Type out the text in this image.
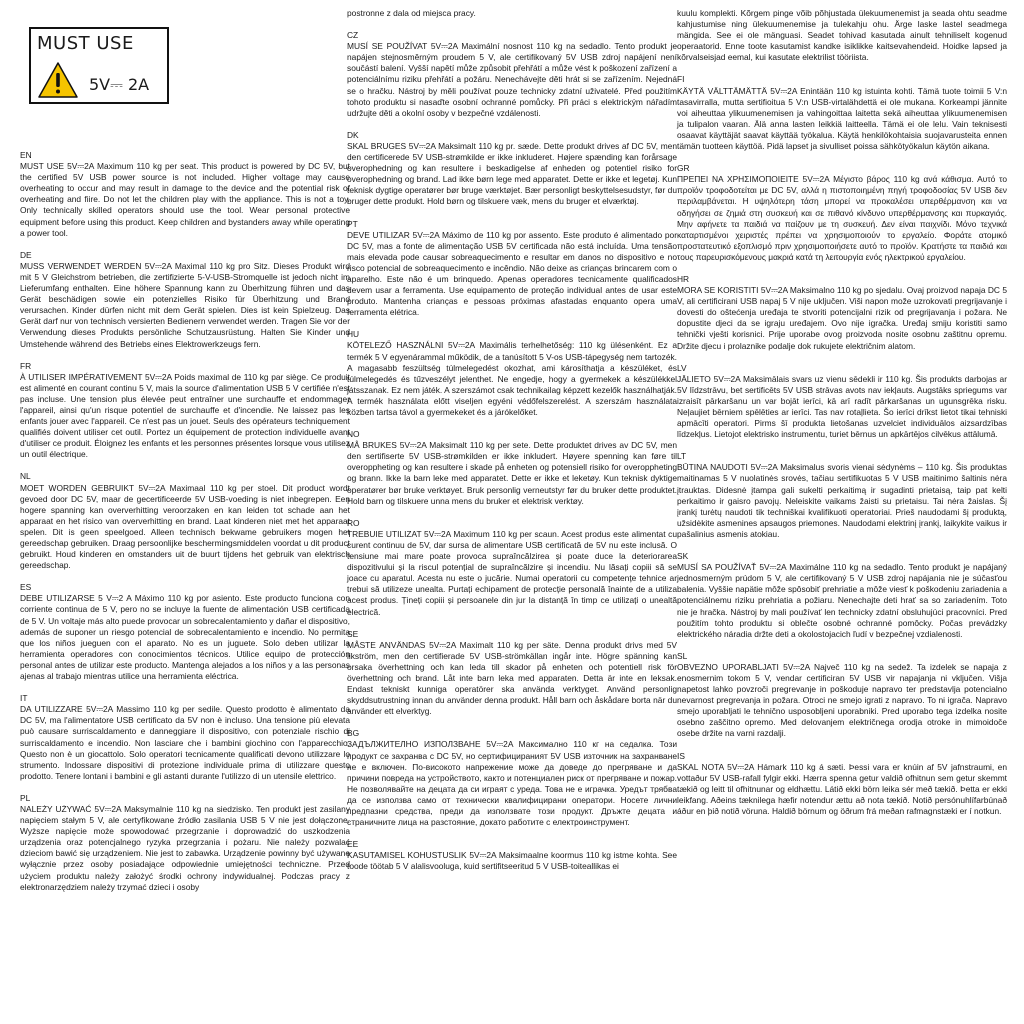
MUST USE
5V⎓ 2A
EN
MUST USE 5V⎓2A Maximum 110 kg per seat. This product is powered by DC 5V, but the certified 5V USB power source is not included. Higher voltage may cause overheating to occur and may result in damage to the device and the potential risk of overheating and fiire. Do not let the children play with the appliance. This is not a toy. Only technically skilled operators should use the tool. Wear personal protective equipment before using this product. Keep children and bystanders away while operating a power tool.
DE
MUSS VERWENDET WERDEN 5V⎓2A Maximal 110 kg pro Sitz. Dieses Produkt wird mit 5 V Gleichstrom betrieben, die zertifizierte 5-V-USB-Stromquelle ist jedoch nicht im Lieferumfang enthalten. Eine höhere Spannung kann zu Überhitzung führen und das Gerät beschädigen sowie ein potenzielles Risiko für Überhitzung und Brand verursachen. Kinder dürfen nicht mit dem Gerät spielen. Dies ist kein Spielzeug. Das Gerät darf nur von technisch versierten Bedienern verwendet werden. Tragen Sie vor der Verwendung dieses Produkts persönliche Schutzausrüstung. Halten Sie Kinder und Umstehende während des Betriebs eines Elektrowerkzeugs fern.
FR
À UTILISER IMPÉRATIVEMENT 5V⎓2A Poids maximal de 110 kg par siège. Ce produit est alimenté en courant continu 5 V, mais la source d'alimentation USB 5 V certifiée n'est pas incluse. Une tension plus élevée peut entraîner une surchauffe et endommager l'appareil, ainsi qu'un risque potentiel de surchauffe et d'incendie. Ne laissez pas les enfants jouer avec l'appareil. Ce n'est pas un jouet. Seuls des opérateurs techniquement qualifiés doivent utiliser cet outil. Portez un équipement de protection individuelle avant d'utiliser ce produit. Éloignez les enfants et les personnes présentes lorsque vous utilisez un outil électrique.
NL
MOET WORDEN GEBRUIKT 5V⎓2A Maximaal 110 kg per stoel. Dit product wordt gevoed door DC 5V, maar de gecertificeerde 5V USB-voeding is niet inbegrepen. Een hogere spanning kan oververhitting veroorzaken en kan leiden tot schade aan het apparaat en het risico van oververhitting en brand. Laat kinderen niet met het apparaat spelen. Dit is geen speelgoed. Alleen technisch bekwame gebruikers mogen het gereedschap gebruiken. Draag persoonlijke beschermingsmiddelen voordat u dit product gebruikt. Houd kinderen en omstanders uit de buurt tijdens het gebruik van elektrisch gereedschap.
ES
DEBE UTILIZARSE 5 V⎓2 A Máximo 110 kg por asiento. Este producto funciona con corriente continua de 5 V, pero no se incluye la fuente de alimentación USB certificada de 5 V. Un voltaje más alto puede provocar un sobrecalentamiento y dañar el dispositivo, además de suponer un riesgo potencial de sobrecalentamiento e incendio. No permita que los niños jueguen con el aparato. No es un juguete. Solo deben utilizar la herramienta operadores con conocimientos técnicos. Utilice equipo de protección personal antes de utilizar este producto. Mantenga alejados a los niños y a las personas ajenas al trabajo mientras utilice una herramienta eléctrica.
IT
DA UTILIZZARE 5V⎓2A Massimo 110 kg per sedile. Questo prodotto è alimentato da DC 5V, ma l'alimentatore USB certificato da 5V non è incluso. Una tensione più elevata può causare surriscaldamento e danneggiare il dispositivo, con potenziale rischio di surriscaldamento e incendio. Non lasciare che i bambini giochino con l'apparecchio. Questo non è un giocattolo. Solo operatori tecnicamente qualificati devono utilizzare lo strumento. Indossare dispositivi di protezione individuale prima di utilizzare questo prodotto. Tenere lontani i bambini e gli astanti durante l'utilizzo di un utensile elettrico.
PL
NALEŻY UŻYWAĆ 5V⎓2A Maksymalnie 110 kg na siedzisko. Ten produkt jest zasilany napięciem stałym 5 V, ale certyfikowane źródło zasilania USB 5 V nie jest dołączone. Wyższe napięcie może spowodować przegrzanie i doprowadzić do uszkodzenia urządzenia oraz potencjalnego ryzyka przegrzania i pożaru. Nie należy pozwalać dzieciom bawić się urządzeniem. Nie jest to zabawka. Urządzenie powinny być używane wyłącznie przez osoby posiadające odpowiednie umiejętności techniczne. Przed użyciem produktu należy założyć środki ochrony indywidualnej. Podczas pracy z elektronarzędziem należy trzymać dzieci i osoby
postronne z dala od miejsca pracy.
CZ
MUSÍ SE POUŽÍVAT 5V⎓2A Maximální nosnost 110 kg na sedadlo. Tento produkt je napájen stejnosměrným proudem 5 V, ale certifikovaný 5V USB zdroj napájení není součástí balení. Vyšší napětí může způsobit přehřátí a může vést k poškození zařízení a potenciálnímu riziku přehřátí a požáru. Nenechávejte děti hrát si se zařízením. Nejedná se o hračku. Nástroj by měli používat pouze technicky zdatní uživatelé. Před použitím tohoto produktu si nasaďte osobní ochranné pomůcky. Při práci s elektrickým nářadím udržujte děti a okolní osoby v bezpečné vzdálenosti.
DK
SKAL BRUGES 5V⎓2A Maksimalt 110 kg pr. sæde. Dette produkt drives af DC 5V, men den certificerede 5V USB-strømkilde er ikke inkluderet. Højere spænding kan forårsage overophedning og kan resultere i beskadigelse af enheden og potentiel risiko for overophedning og brand. Lad ikke børn lege med apparatet. Dette er ikke et legetøj. Kun teknisk dygtige operatører bør bruge værktøjet. Bær personligt beskyttelsesudstyr, før du bruger dette produkt. Hold børn og tilskuere væk, mens du bruger et elværktøj.
PT
DEVE UTILIZAR 5V⎓2A Máximo de 110 kg por assento. Este produto é alimentado por DC 5V, mas a fonte de alimentação USB 5V certificada não está incluída. Uma tensão mais elevada pode causar sobreaquecimento e resultar em danos no dispositivo e no risco potencial de sobreaquecimento e incêndio. Não deixe as crianças brincarem com o aparelho. Este não é um brinquedo. Apenas operadores tecnicamente qualificados devem usar a ferramenta. Use equipamento de proteção individual antes de usar este produto. Mantenha crianças e pessoas próximas afastadas enquanto opera uma ferramenta elétrica.
HU
KÖTELEZŐ HASZNÁLNI 5V⎓2A Maximális terhelhetőség: 110 kg ülésenként. Ez a termék 5 V egyenárammal működik, de a tanúsított 5 V-os USB-tápegység nem tartozék. A magasabb feszültség túlmelegedést okozhat, ami károsíthatja a készüléket, és túlmelegedés és tűzveszélyt jelenthet. Ne engedje, hogy a gyermekek a készülékkel játsszanak. Ez nem játék. A szerszámot csak technikailag képzett kezelők használhatják. A termék használata előtt viseljen egyéni védőfelszerelést. A szerszám használata közben tartsa távol a gyermekeket és a járókelőket.
NO
MÅ BRUKES 5V⎓2A Maksimalt 110 kg per sete. Dette produktet drives av DC 5V, men den sertifiserte 5V USB-strømkilden er ikke inkludert. Høyere spenning kan føre til overoppheting og kan resultere i skade på enheten og potensiell risiko for overoppheting og brann. Ikke la barn leke med apparatet. Dette er ikke et leketøy. Kun teknisk dyktige operatører bør bruke verktøyet. Bruk personlig verneutstyr før du bruker dette produktet. Hold barn og tilskuere unna mens du bruker et elektrisk verktøy.
RO
TREBUIE UTILIZAT 5V⎓2A Maximum 110 kg per scaun. Acest produs este alimentat cu curent continuu de 5V, dar sursa de alimentare USB certificată de 5V nu este inclusă. O tensiune mai mare poate provoca supraîncălzirea și poate duce la deteriorarea dispozitivului și la riscul potențial de supraîncălzire și incendiu. Nu lăsați copiii să se joace cu aparatul. Acesta nu este o jucărie. Numai operatorii cu competențe tehnice ar trebui să utilizeze unealta. Purtați echipament de protecție personală înainte de a utiliza acest produs. Țineți copiii și persoanele din jur la distanță în timp ce utilizați o unealtă electrică.
SE
MÅSTE ANVÄNDAS 5V⎓2A Maximalt 110 kg per säte. Denna produkt drivs med 5V likström, men den certifierade 5V USB-strömkällan ingår inte. Högre spänning kan orsaka överhettning och kan leda till skador på enheten och potentiell risk för överhettning och brand. Låt inte barn leka med apparaten. Detta är inte en leksak. Endast tekniskt kunniga operatörer ska använda verktyget. Använd personlig skyddsutrustning innan du använder denna produkt. Håll barn och åskådare borta när du använder ett elverktyg.
BG
ЗАДЪЛЖИТЕЛНО ИЗПОЛЗВАНЕ 5V⎓2A Максимално 110 кг на седалка. Този продукт се захранва с DC 5V, но сертифицираният 5V USB източник на захранване не е включен. По-високото напрежение може да доведе до прегряване и да причини повреда на устройството, както и потенциален риск от прегряване и пожар. Не позволявайте на децата да си играят с уреда. Това не е играчка. Уредът трябва да се използва само от технически квалифицирани оператори. Носете лични предпазни средства, преди да използвате този продукт. Дръжте децата и страничните лица на разстояние, докато работите с електроинструмент.
EE
KASUTAMISEL KOHUSTUSLIK 5V⎓2A Maksimaalne koormus 110 kg istme kohta. See toode töötab 5 V alalisvooluga, kuid sertifitseeritud 5 V USB-toiteallikas ei
kuulu komplekti. Kõrgem pinge võib põhjustada ülekuumenemist ja seada ohtu seadme kahjustumise ning ülekuumenemise ja tulekahju ohu. Ärge laske lastel seadmega mängida. See ei ole mänguasi. Seadet tohivad kasutada ainult tehniliselt kogenud operaatorid. Enne toote kasutamist kandke isiklikke kaitsevahendeid. Hoidke lapsed ja kõrvalseisjad eemal, kui kasutate elektrilist tööriista.
FI
KÄYTÄ VÄLTTÄMÄTTÄ 5V⎓2A Enintään 110 kg istuinta kohti. Tämä tuote toimii 5 V:n tasavirralla, mutta sertifioitua 5 V:n USB-virtalähdettä ei ole mukana. Korkeampi jännite voi aiheuttaa ylikuumenemisen ja vahingoittaa laitetta sekä aiheuttaa ylikuumenemisen ja tulipalon vaaran. Älä anna lasten leikkiä laitteella. Tämä ei ole lelu. Vain teknisesti osaavat käyttäjät saavat käyttää työkalua. Käytä henkilökohtaisia suojavarusteita ennen tämän tuotteen käyttöä. Pidä lapset ja sivulliset poissa sähkötyökalun käytön aikana.
GR
ΠΡΕΠΕΙ ΝΑ ΧΡΗΣΙΜΟΠΟΙΕΙΤΕ 5V⎓2A Μέγιστο βάρος 110 kg ανά κάθισμα. Αυτό το προϊόν τροφοδοτείται με DC 5V, αλλά η πιστοποιημένη πηγή τροφοδοσίας 5V USB δεν περιλαμβάνεται. Η υψηλότερη τάση μπορεί να προκαλέσει υπερθέρμανση και να οδηγήσει σε ζημιά στη συσκευή και σε πιθανό κίνδυνο υπερθέρμανσης και πυρκαγιάς. Μην αφήνετε τα παιδιά να παίζουν με τη συσκευή. Δεν είναι παιχνίδι. Μόνο τεχνικά καταρτισμένοι χειριστές πρέπει να χρησιμοποιούν το εργαλείο. Φοράτε ατομικό προστατευτικό εξοπλισμό πριν χρησιμοποιήσετε αυτό το προϊόν. Κρατήστε τα παιδιά και τους παρευρισκόμενους μακριά κατά τη λειτουργία ενός ηλεκτρικού εργαλείου.
HR
MORA SE KORISTITI 5V⎓2A Maksimalno 110 kg po sjedalu. Ovaj proizvod napaja DC 5 V, ali certificirani USB napaj 5 V nije uključen. Viši napon može uzrokovati pregrijavanje i dovesti do oštećenja uređaja te stvoriti potencijalni rizik od pregrijavanja i požara. Ne dopustite djeci da se igraju uređajem. Ovo nije igračka. Uređaj smiju koristiti samo tehnički vješti korisnici. Prije uporabe ovog proizvoda nosite osobnu zaštitnu opremu. Držite djecu i prolaznike podalje dok rukujete električnim alatom.
LV
JĀLIETO 5V⎓2A Maksimālais svars uz vienu sēdekli ir 110 kg. Šis produkts darbojas ar 5V līdzstrāvu, bet sertificēts 5V USB strāvas avots nav iekļauts. Augstāks spriegums var izraisīt pārkaršanu un var bojāt ierīci, kā arī radīt pārkaršanas un ugunsgrēka risku. Neļaujiet bērniem spēlēties ar ierīci. Tas nav rotaļlieta. Šo ierīci drīkst lietot tikai tehniski apmācīti operatori. Pirms šī produkta lietošanas uzvelciet individuālos aizsardzības līdzekļus. Lietojot elektrisko instrumentu, turiet bērnus un apkārtējos cilvēkus attālumā.
LT
BŪTINA NAUDOTI 5V⎓2A Maksimalus svoris vienai sėdynėms – 110 kg. Šis produktas maitinamas 5 V nuolatinės srovės, tačiau sertifikuotas 5 V USB maitinimo šaltinis nėra įtrauktas. Didesnė įtampa gali sukelti perkaitimą ir sugadinti prietaisą, taip pat kelti perkaitimo ir gaisro pavojų. Neleiskite vaikams žaisti su prietaisu. Tai nėra žaislas. Šį įrankį turėtų naudoti tik techniškai kvalifikuoti operatoriai. Prieš naudodami šį produktą, užsidėkite asmenines apsaugos priemones. Naudodami elektrinį įrankį, laikykite vaikus ir pašalinius asmenis atokiau.
SK
MUSÍ SA POUŽÍVAŤ 5V⎓2A Maximálne 110 kg na sedadlo. Tento produkt je napájaný jednosmerným prúdom 5 V, ale certifikovaný 5 V USB zdroj napájania nie je súčasťou balenia. Vyššie napätie môže spôsobiť prehriatie a môže viesť k poškodeniu zariadenia a potenciálnemu riziku prehriatia a požiaru. Nenechajte deti hrať sa so zariadením. Toto nie je hračka. Nástroj by mali používať len technicky zdatní obsluhujúci pracovníci. Pred použitím tohto produktu si oblečte osobné ochranné pomôcky. Počas prevádzky elektrického náradia držte deti a okolostojacich ľudí v bezpečnej vzdialenosti.
SL
OBVEZNO UPORABLJATI 5V⎓2A Največ 110 kg na sedež. Ta izdelek se napaja z enosmernim tokom 5 V, vendar certificiran 5V USB vir napajanja ni vključen. Višja napetost lahko povzroči pregrevanje in poškoduje napravo ter predstavlja potencialno nevarnost pregrevanja in požara. Otroci ne smejo igrati z napravo. To ni igrača. Napravo smejo uporabljati le tehnično usposobljeni uporabniki. Pred uporabo tega izdelka nosite osebno zaščitno opremo. Med delovanjem električnega orodja otroke in mimoidoče osebe držite na varni razdalji.
IS
SKAL NOTA 5V⎓2A Hámark 110 kg á sæti. Þessi vara er knúin af 5V jafnstraumi, en vottaður 5V USB-rafall fylgir ekki. Hærra spenna getur valdið ofhitnun sem getur skemmt tækið og leitt til ofhitnunar og eldhættu. Látið ekki börn leika sér með tækið. Þetta er ekki leikfang. Aðeins tæknilega hæfir notendur ættu að nota tækið. Notið persónuhlífarbúnað áður en þið notið vöruna. Haldið börnum og öðrum frá meðan rafmagnstæki er í notkun.
